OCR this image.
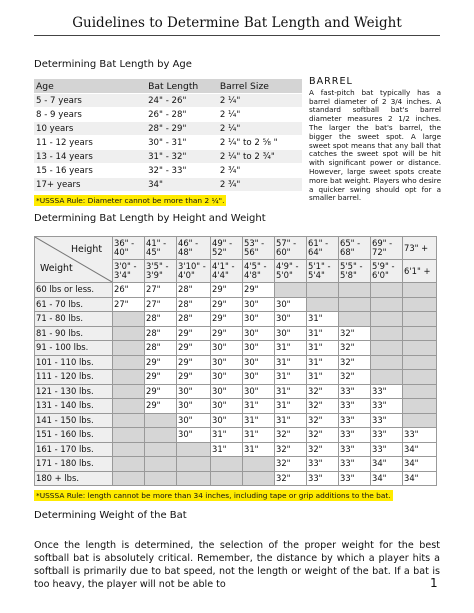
Guidelines to Determine Bat Length and Weight
Determining Bat Length by Age
Age	Bat Length	Barrel Size
5 - 7 years	24" - 26"	2 ¼"
8 - 9 years	26" - 28"	2 ¼"
10 years	28" - 29"	2 ¼"
11 - 12 years	30" - 31"	2 ¼" to 2 ⁵⁄₈ "
13 - 14 years	31" - 32"	2 ¼" to 2 ¾"
15 - 16 years	32" - 33"	2 ¾"
17+ years	34"	2 ¾"
BARREL
A fast-pitch bat typically has a barrel diameter of 2 3/4 inches. A standard softball bat's barrel diameter measures 2 1/2 inches. The larger the bat's barrel, the bigger the sweet spot. A large sweet spot means that any ball that catches the sweet spot will be hit with significant power or distance. However, large sweet spots create more bat weight. Players who desire a quicker swing should opt for a smaller barrel.
*USSSA Rule: Diameter cannot be more than 2 ¼".
Determining Bat Length by Height and Weight
Height
Weight	36" - 40"	41" - 45"	46" - 48"	49" - 52"	53" - 56"	57" - 60"	61" - 64"	65" - 68"	69" - 72"	73" +
	3'0" - 3'4"	3'5" - 3'9"	3'10" - 4'0"	4'1" - 4'4"	4'5" - 4'8"	4'9" - 5'0"	5'1" - 5'4"	5'5" - 5'8"	5'9" - 6'0"	6'1" +
60 lbs or less.	26"	27"	28"	29"	29"					
61 - 70 lbs.	27"	27"	28"	29"	30"	30"				
71 - 80 lbs.		28"	28"	29"	30"	30"	31"			
81 - 90 lbs.		28"	29"	29"	30"	30"	31"	32"		
91 - 100 lbs.		28"	29"	30"	30"	31"	31"	32"		
101 - 110 lbs.		29"	29"	30"	30"	31"	31"	32"		
111 - 120 lbs.		29"	29"	30"	30"	31"	31"	32"		
121 - 130 lbs.		29"	30"	30"	30"	31"	32"	33"	33"	
131 - 140 lbs.		29"	30"	30"	31"	31"	32"	33"	33"	
141 - 150 lbs.			30"	30"	31"	31"	32"	33"	33"	
151 - 160 lbs.			30"	31"	31"	32"	32"	33"	33"	33"
161 - 170 lbs.				31"	31"	32"	32"	33"	33"	34"
171 - 180 lbs.						32"	33"	33"	34"	34"
180 + lbs.						32"	33"	33"	34"	34"
*USSSA Rule: length cannot be more than 34 inches, including tape or grip additions to the bat.
Determining Weight of the Bat
Once the length is determined, the selection of the proper weight for the best softball bat is absolutely critical. Remember, the distance by which a player hits a softball is primarily due to bat speed, not the length or weight of the bat. If a bat is too heavy, the player will not be able to	1
